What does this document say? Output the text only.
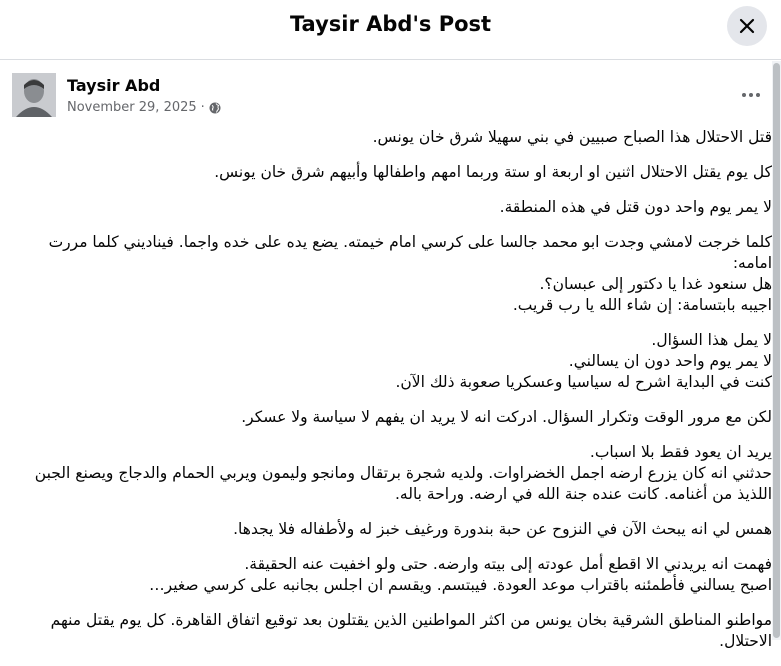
Taysir Abd's Post
Taysir Abd
November 29, 2025 ·

قتل الاحتلال هذا الصباح صبيين في بني سهيلا شرق خان يونس.

كل يوم يقتل الاحتلال اثنين او اربعة او ستة وربما امهم واطفالها وأبيهم شرق خان يونس.

لا يمر يوم واحد دون قتل في هذه المنطقة.

كلما خرجت لامشي وجدت ابو محمد جالسا على كرسي امام خيمته. يضع يده على خده واجما. فيناديني كلما مررت امامه:
هل سنعود غدا يا دكتور إلى عبسان؟.
اجيبه بابتسامة: إن شاء الله يا رب قريب.

لا يمل هذا السؤال.
لا يمر يوم واحد دون ان يسالني.
كنت في البداية اشرح له سياسيا وعسكريا صعوبة ذلك الآن.

لكن مع مرور الوقت وتكرار السؤال. ادركت انه لا يريد ان يفهم لا سياسة ولا عسكر.

يريد ان يعود فقط بلا اسباب.
حدثني انه كان يزرع ارضه اجمل الخضراوات. ولديه شجرة برتقال ومانجو وليمون ويربي الحمام والدجاج ويصنع الجبن اللذيذ من أغنامه. كانت عنده جنة الله في ارضه. وراحة باله.

همس لي انه يبحث الآن في النزوح عن حبة بندورة ورغيف خبز له ولأطفاله فلا يجدها.

فهمت انه يريدني الا اقطع أمل عودته إلى بيته وارضه. حتى ولو اخفيت عنه الحقيقة.
اصبح يسالني فأطمئنه باقتراب موعد العودة. فيبتسم. ويقسم ان اجلس بجانبه على كرسي صغير…

مواطنو المناطق الشرقية بخان يونس من اكثر المواطنين الذين يقتلون بعد توقيع اتفاق القاهرة. كل يوم يقتل منهم الاحتلال.
